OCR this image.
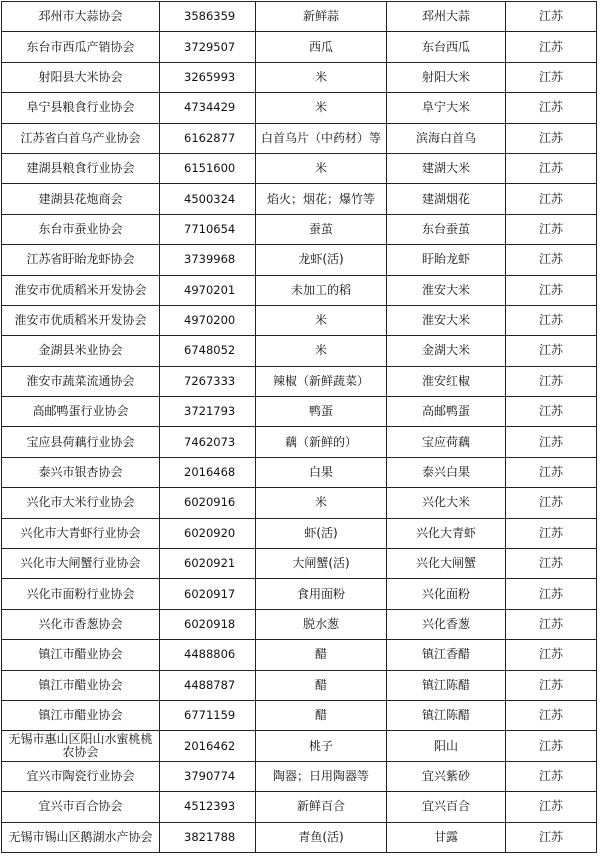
邳州市大蒜协会	3586359	新鲜蒜	邳州大蒜	江苏
东台市西瓜产销协会	3729507	西瓜	东台西瓜	江苏
射阳县大米协会	3265993	米	射阳大米	江苏
阜宁县粮食行业协会	4734429	米	阜宁大米	江苏
江苏省白首乌产业协会	6162877	白首乌片（中药材）等	滨海白首乌	江苏
建湖县粮食行业协会	6151600	米	建湖大米	江苏
建湖县花炮商会	4500324	焰火；烟花；爆竹等	建湖烟花	江苏
东台市蚕业协会	7710654	蚕茧	东台蚕茧	江苏
江苏省盱眙龙虾协会	3739968	龙虾(活)	盱眙龙虾	江苏
淮安市优质稻米开发协会	4970201	未加工的稻	淮安大米	江苏
淮安市优质稻米开发协会	4970200	米	淮安大米	江苏
金湖县米业协会	6748052	米	金湖大米	江苏
淮安市蔬菜流通协会	7267333	辣椒（新鲜蔬菜）	淮安红椒	江苏
高邮鸭蛋行业协会	3721793	鸭蛋	高邮鸭蛋	江苏
宝应县荷藕行业协会	7462073	藕（新鲜的）	宝应荷藕	江苏
泰兴市银杏协会	2016468	白果	泰兴白果	江苏
兴化市大米行业协会	6020916	米	兴化大米	江苏
兴化市大青虾行业协会	6020920	虾(活)	兴化大青虾	江苏
兴化市大闸蟹行业协会	6020921	大闸蟹(活)	兴化大闸蟹	江苏
兴化市面粉行业协会	6020917	食用面粉	兴化面粉	江苏
兴化市香葱协会	6020918	脱水葱	兴化香葱	江苏
镇江市醋业协会	4488806	醋	镇江香醋	江苏
镇江市醋业协会	4488787	醋	镇江陈醋	江苏
镇江市醋业协会	6771159	醋	镇江陈醋	江苏
无锡市惠山区阳山水蜜桃桃农协会	2016462	桃子	阳山	江苏
宜兴市陶瓷行业协会	3790774	陶器；日用陶器等	宜兴紫砂	江苏
宜兴市百合协会	4512393	新鲜百合	宜兴百合	江苏
无锡市锡山区鹅湖水产协会	3821788	青鱼(活)	甘露	江苏
